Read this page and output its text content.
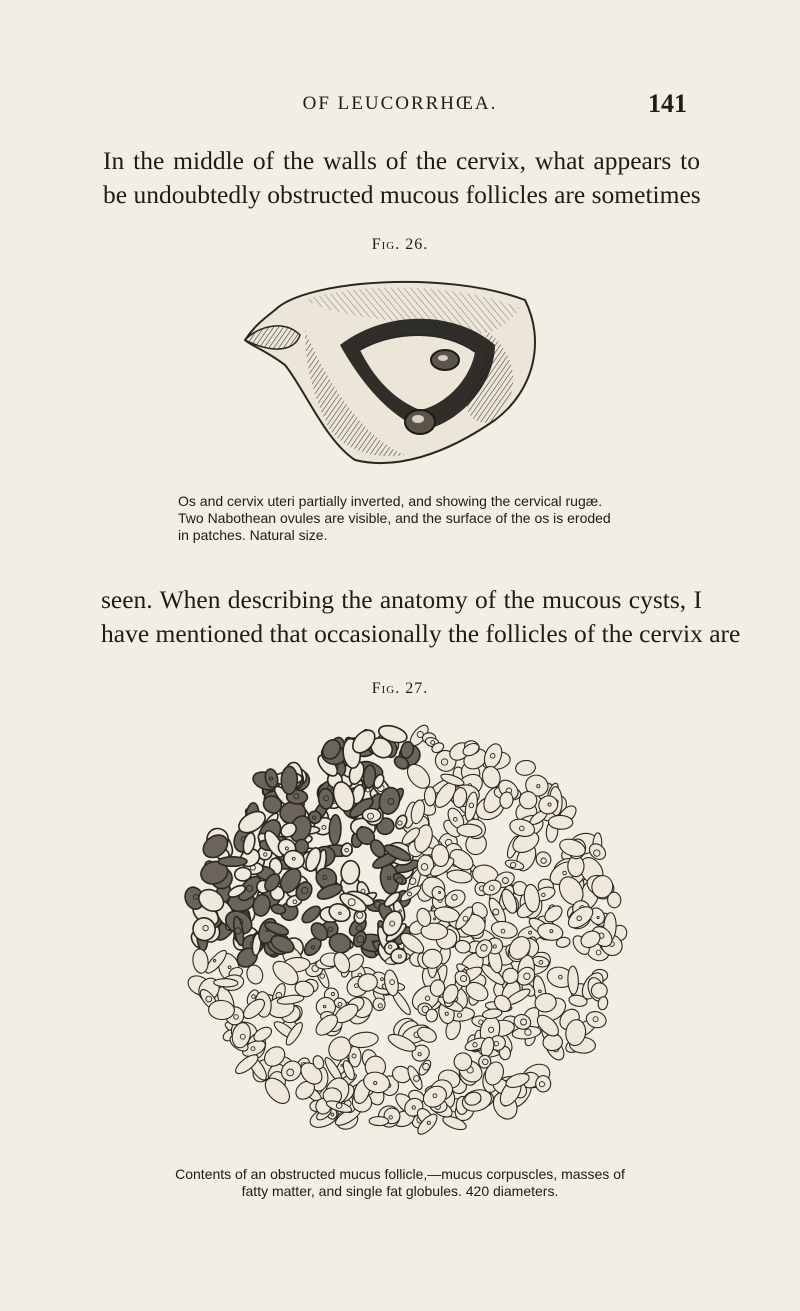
OF LEUCORRHŒA.	141
In the middle of the walls of the cervix, what appears to
be undoubtedly obstructed mucous follicles are sometimes
Fig. 26.
Os and cervix uteri partially inverted, and showing the cervical rugæ.
Two Nabothean ovules are visible, and the surface of the os is eroded
in patches. Natural size.
seen. When describing the anatomy of the mucous cysts, I
have mentioned that occasionally the follicles of the cervix are
Fig. 27.
Contents of an obstructed mucus follicle,—mucus corpuscles, masses of
fatty matter, and single fat globules. 420 diameters.
